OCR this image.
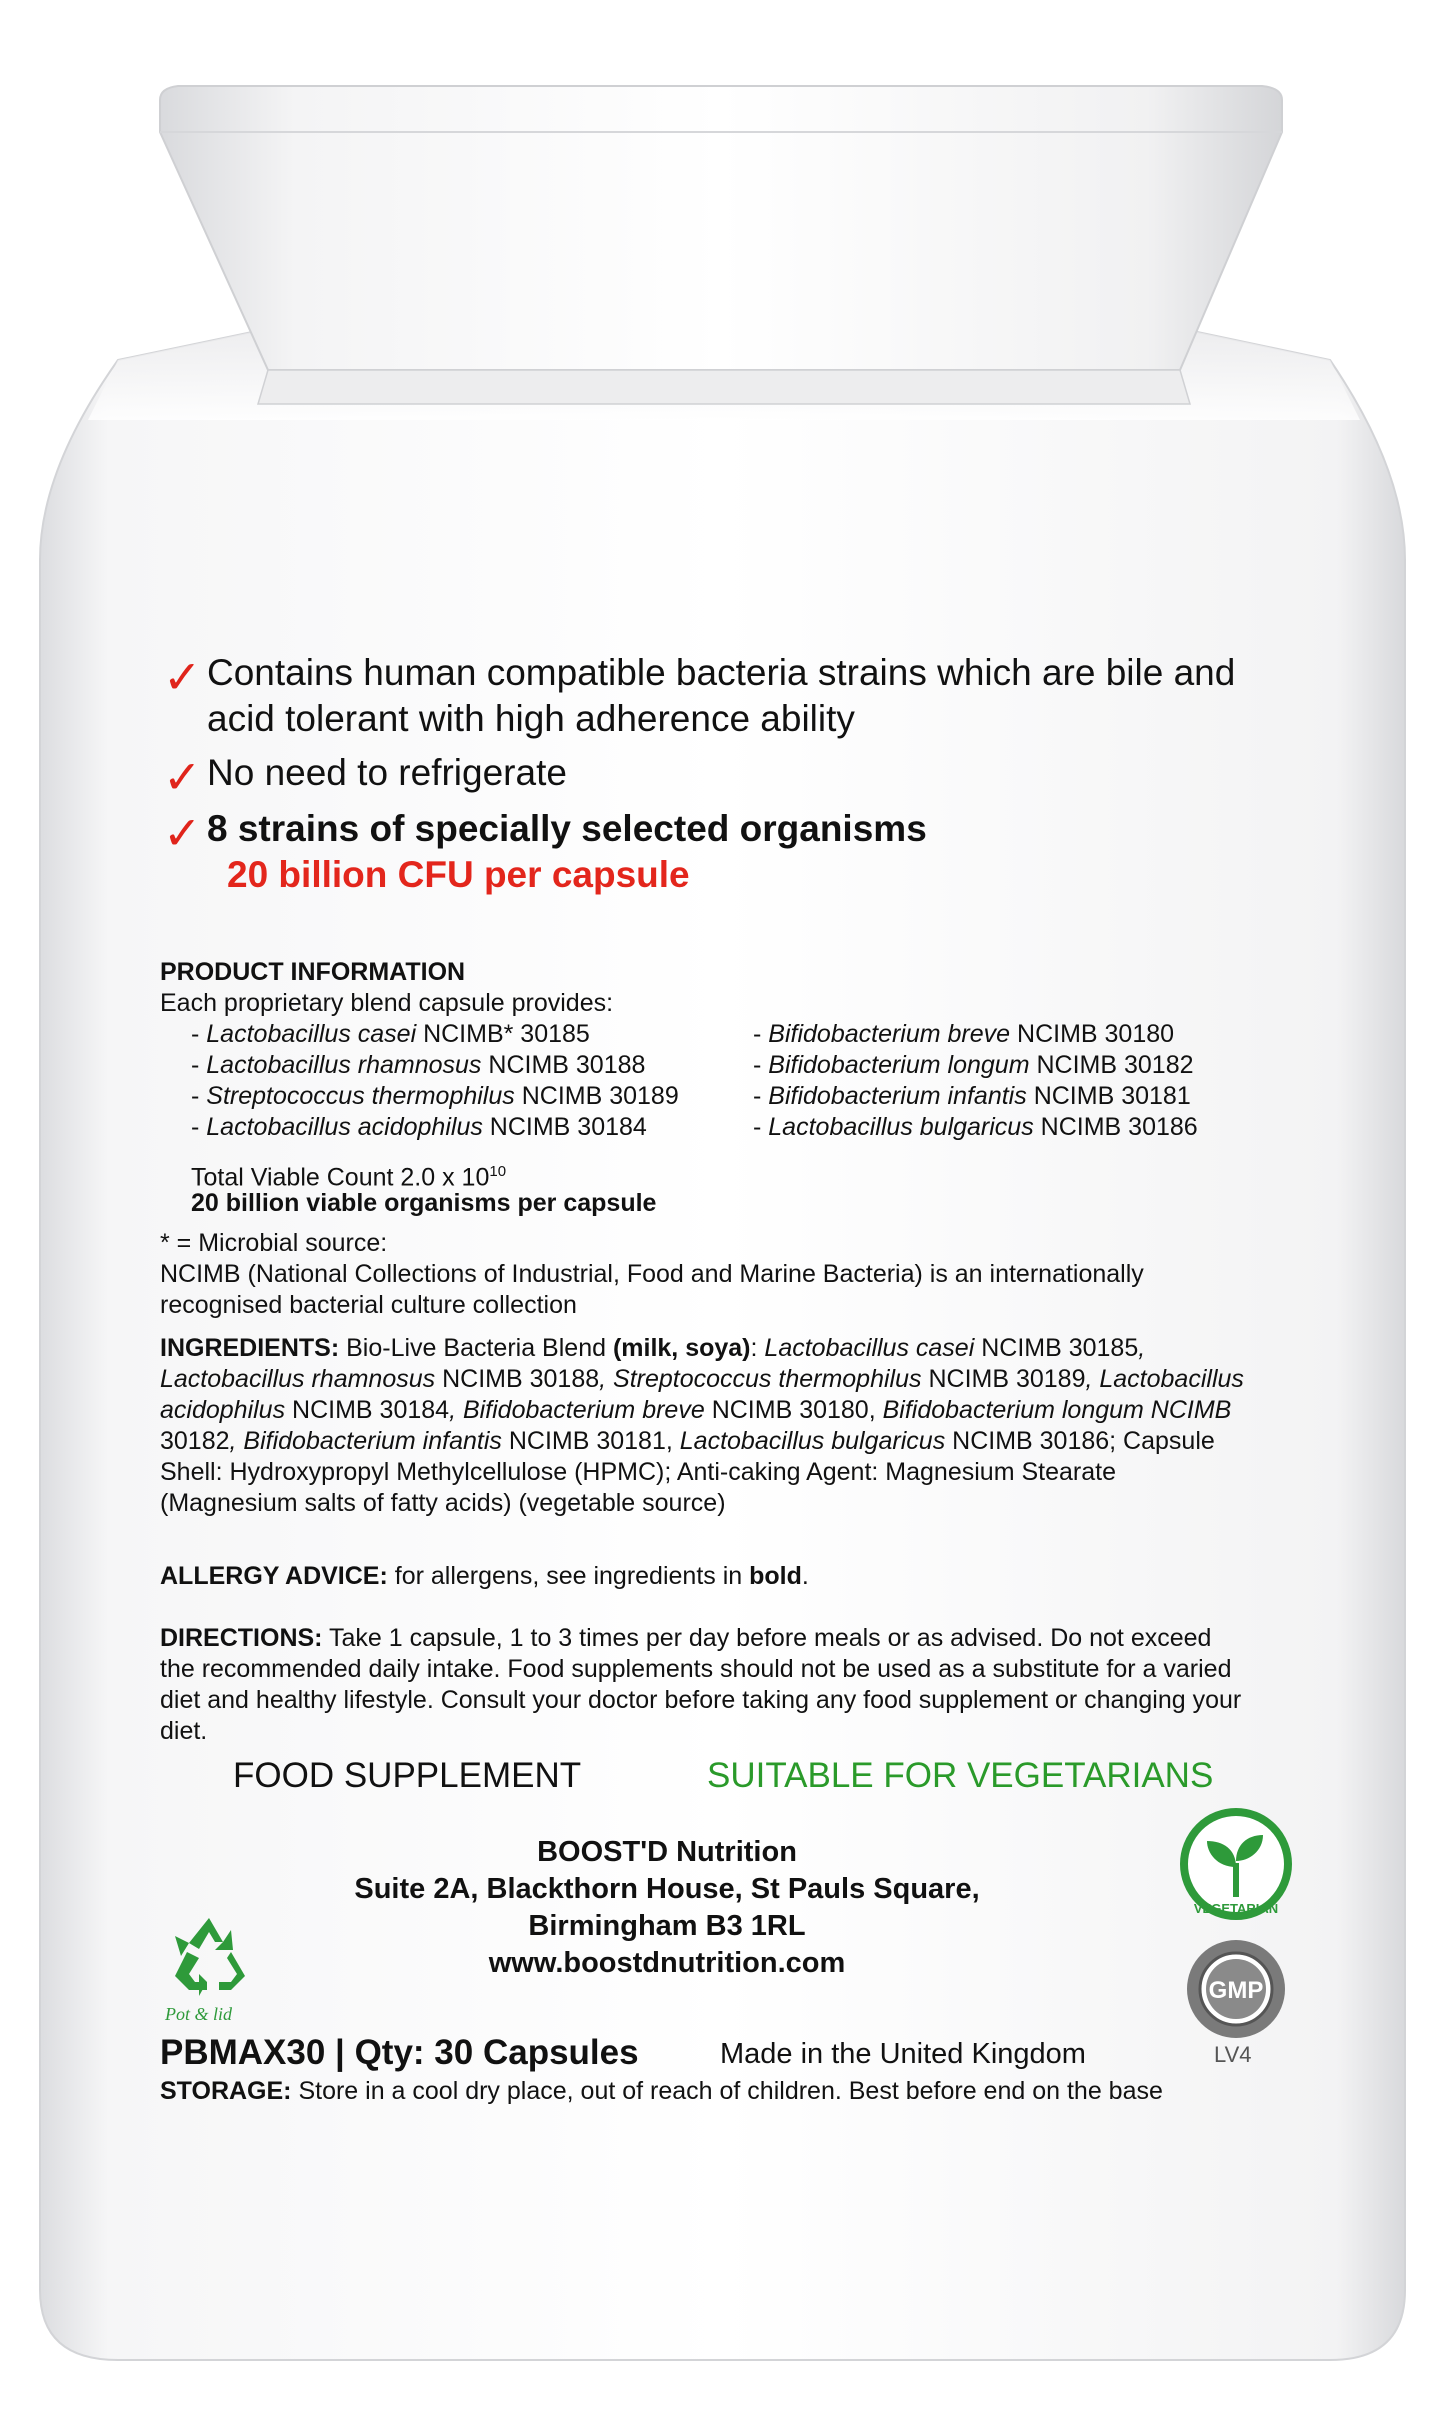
✓ Contains human compatible bacteria strains which are bile and
acid tolerant with high adherence ability
✓ No need to refrigerate
✓ 8 strains of specially selected organisms
20 billion CFU per capsule
PRODUCT INFORMATION
Each proprietary blend capsule provides:
- Lactobacillus casei NCIMB* 30185
- Lactobacillus rhamnosus NCIMB 30188
- Streptococcus thermophilus NCIMB 30189
- Lactobacillus acidophilus NCIMB 30184
- Bifidobacterium breve NCIMB 30180
- Bifidobacterium longum NCIMB 30182
- Bifidobacterium infantis NCIMB 30181
- Lactobacillus bulgaricus NCIMB 30186
Total Viable Count 2.0 x $10^{10}$
20 billion viable organisms per capsule
* = Microbial source:
NCIMB (National Collections of Industrial, Food and Marine Bacteria) is an internationally
recognised bacterial culture collection
INGREDIENTS: Bio-Live Bacteria Blend (milk, soya): Lactobacillus casei NCIMB 30185, Lactobacillus rhamnosus NCIMB 30188, Streptococcus thermophilus NCIMB 30189, Lactobacillus acidophilus NCIMB 30184, Bifidobacterium breve NCIMB 30180, Bifidobacterium longum NCIMB 30182, Bifidobacterium infantis NCIMB 30181, Lactobacillus bulgaricus NCIMB 30186; Capsule Shell: Hydroxypropyl Methylcellulose (HPMC); Anti-caking Agent: Magnesium Stearate (Magnesium salts of fatty acids) (vegetable source)
ALLERGY ADVICE: for allergens, see ingredients in bold.
DIRECTIONS: Take 1 capsule, 1 to 3 times per day before meals or as advised. Do not exceed the recommended daily intake. Food supplements should not be used as a substitute for a varied diet and healthy lifestyle. Consult your doctor before taking any food supplement or changing your diet.
FOOD SUPPLEMENT	SUITABLE FOR VEGETARIANS
BOOST'D Nutrition
Suite 2A, Blackthorn House, St Pauls Square,
Birmingham B3 1RL
www.boostdnutrition.com
Pot & lid
VEGETARIAN
GMP
PBMAX30 | Qty: 30 Capsules	Made in the United Kingdom	LV4
STORAGE: Store in a cool dry place, out of reach of children. Best before end on the base
